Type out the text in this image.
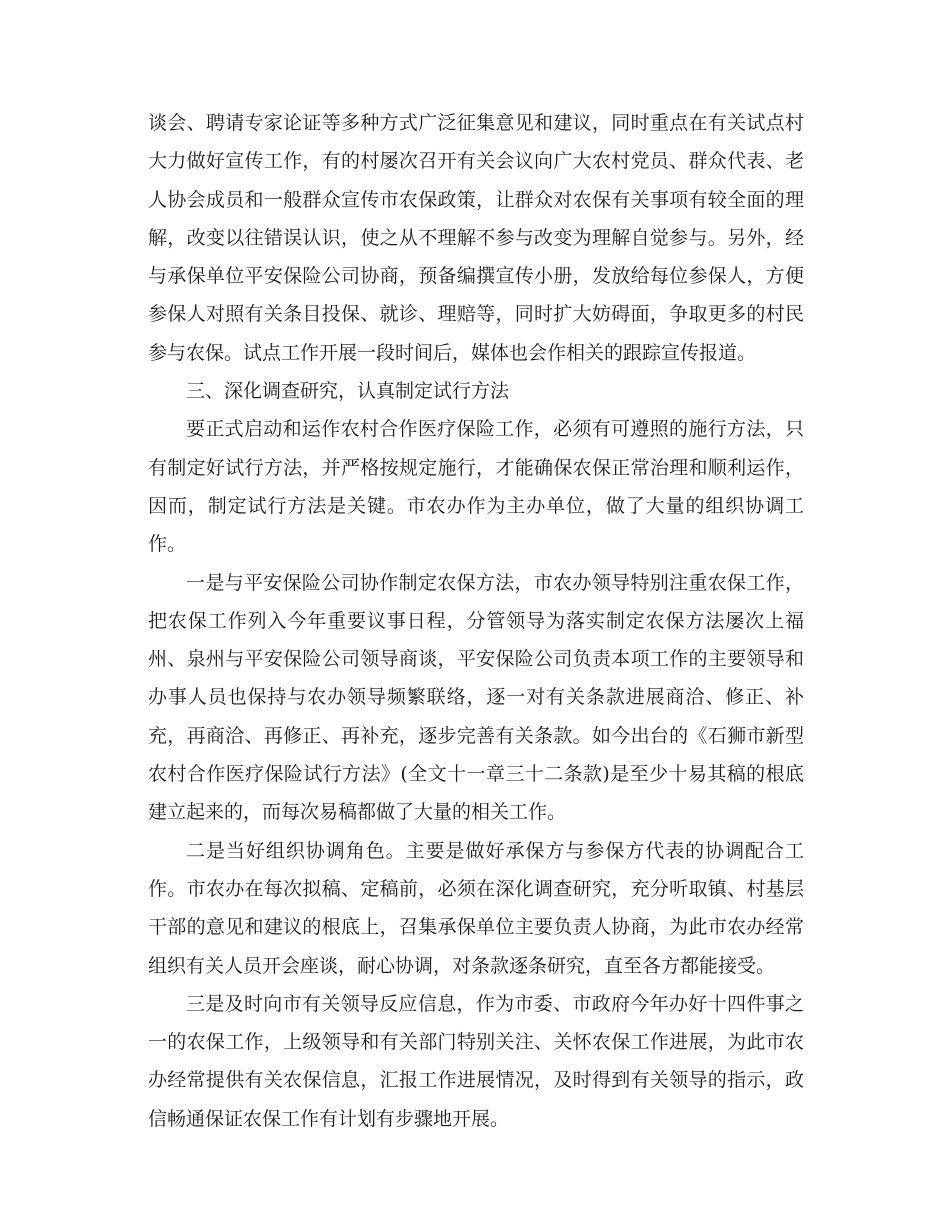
谈会、聘请专家论证等多种方式广泛征集意见和建议，同时重点在有关试点村大力做好宣传工作，有的村屡次召开有关会议向广大农村党员、群众代表、老人协会成员和一般群众宣传市农保政策，让群众对农保有关事项有较全面的理解，改变以往错误认识，使之从不理解不参与改变为理解自觉参与。另外，经与承保单位平安保险公司协商，预备编撰宣传小册，发放给每位参保人，方便参保人对照有关条目投保、就诊、理赔等，同时扩大妨碍面，争取更多的村民参与农保。试点工作开展一段时间后，媒体也会作相关的跟踪宣传报道。

三、深化调查研究，认真制定试行方法

要正式启动和运作农村合作医疗保险工作，必须有可遵照的施行方法，只有制定好试行方法，并严格按规定施行，才能确保农保正常治理和顺利运作，因而，制定试行方法是关键。市农办作为主办单位，做了大量的组织协调工作。

一是与平安保险公司协作制定农保方法，市农办领导特别注重农保工作，把农保工作列入今年重要议事日程，分管领导为落实制定农保方法屡次上福州、泉州与平安保险公司领导商谈，平安保险公司负责本项工作的主要领导和办事人员也保持与农办领导频繁联络，逐一对有关条款进展商洽、修正、补充，再商洽、再修正、再补充，逐步完善有关条款。如今出台的《石狮市新型农村合作医疗保险试行方法》(全文十一章三十二条款)是至少十易其稿的根底建立起来的，而每次易稿都做了大量的相关工作。

二是当好组织协调角色。主要是做好承保方与参保方代表的协调配合工作。市农办在每次拟稿、定稿前，必须在深化调查研究，充分听取镇、村基层干部的意见和建议的根底上，召集承保单位主要负责人协商，为此市农办经常组织有关人员开会座谈，耐心协调，对条款逐条研究，直至各方都能接受。

三是及时向市有关领导反应信息，作为市委、市政府今年办好十四件事之一的农保工作，上级领导和有关部门特别关注、关怀农保工作进展，为此市农办经常提供有关农保信息，汇报工作进展情况，及时得到有关领导的指示，政信畅通保证农保工作有计划有步骤地开展。
